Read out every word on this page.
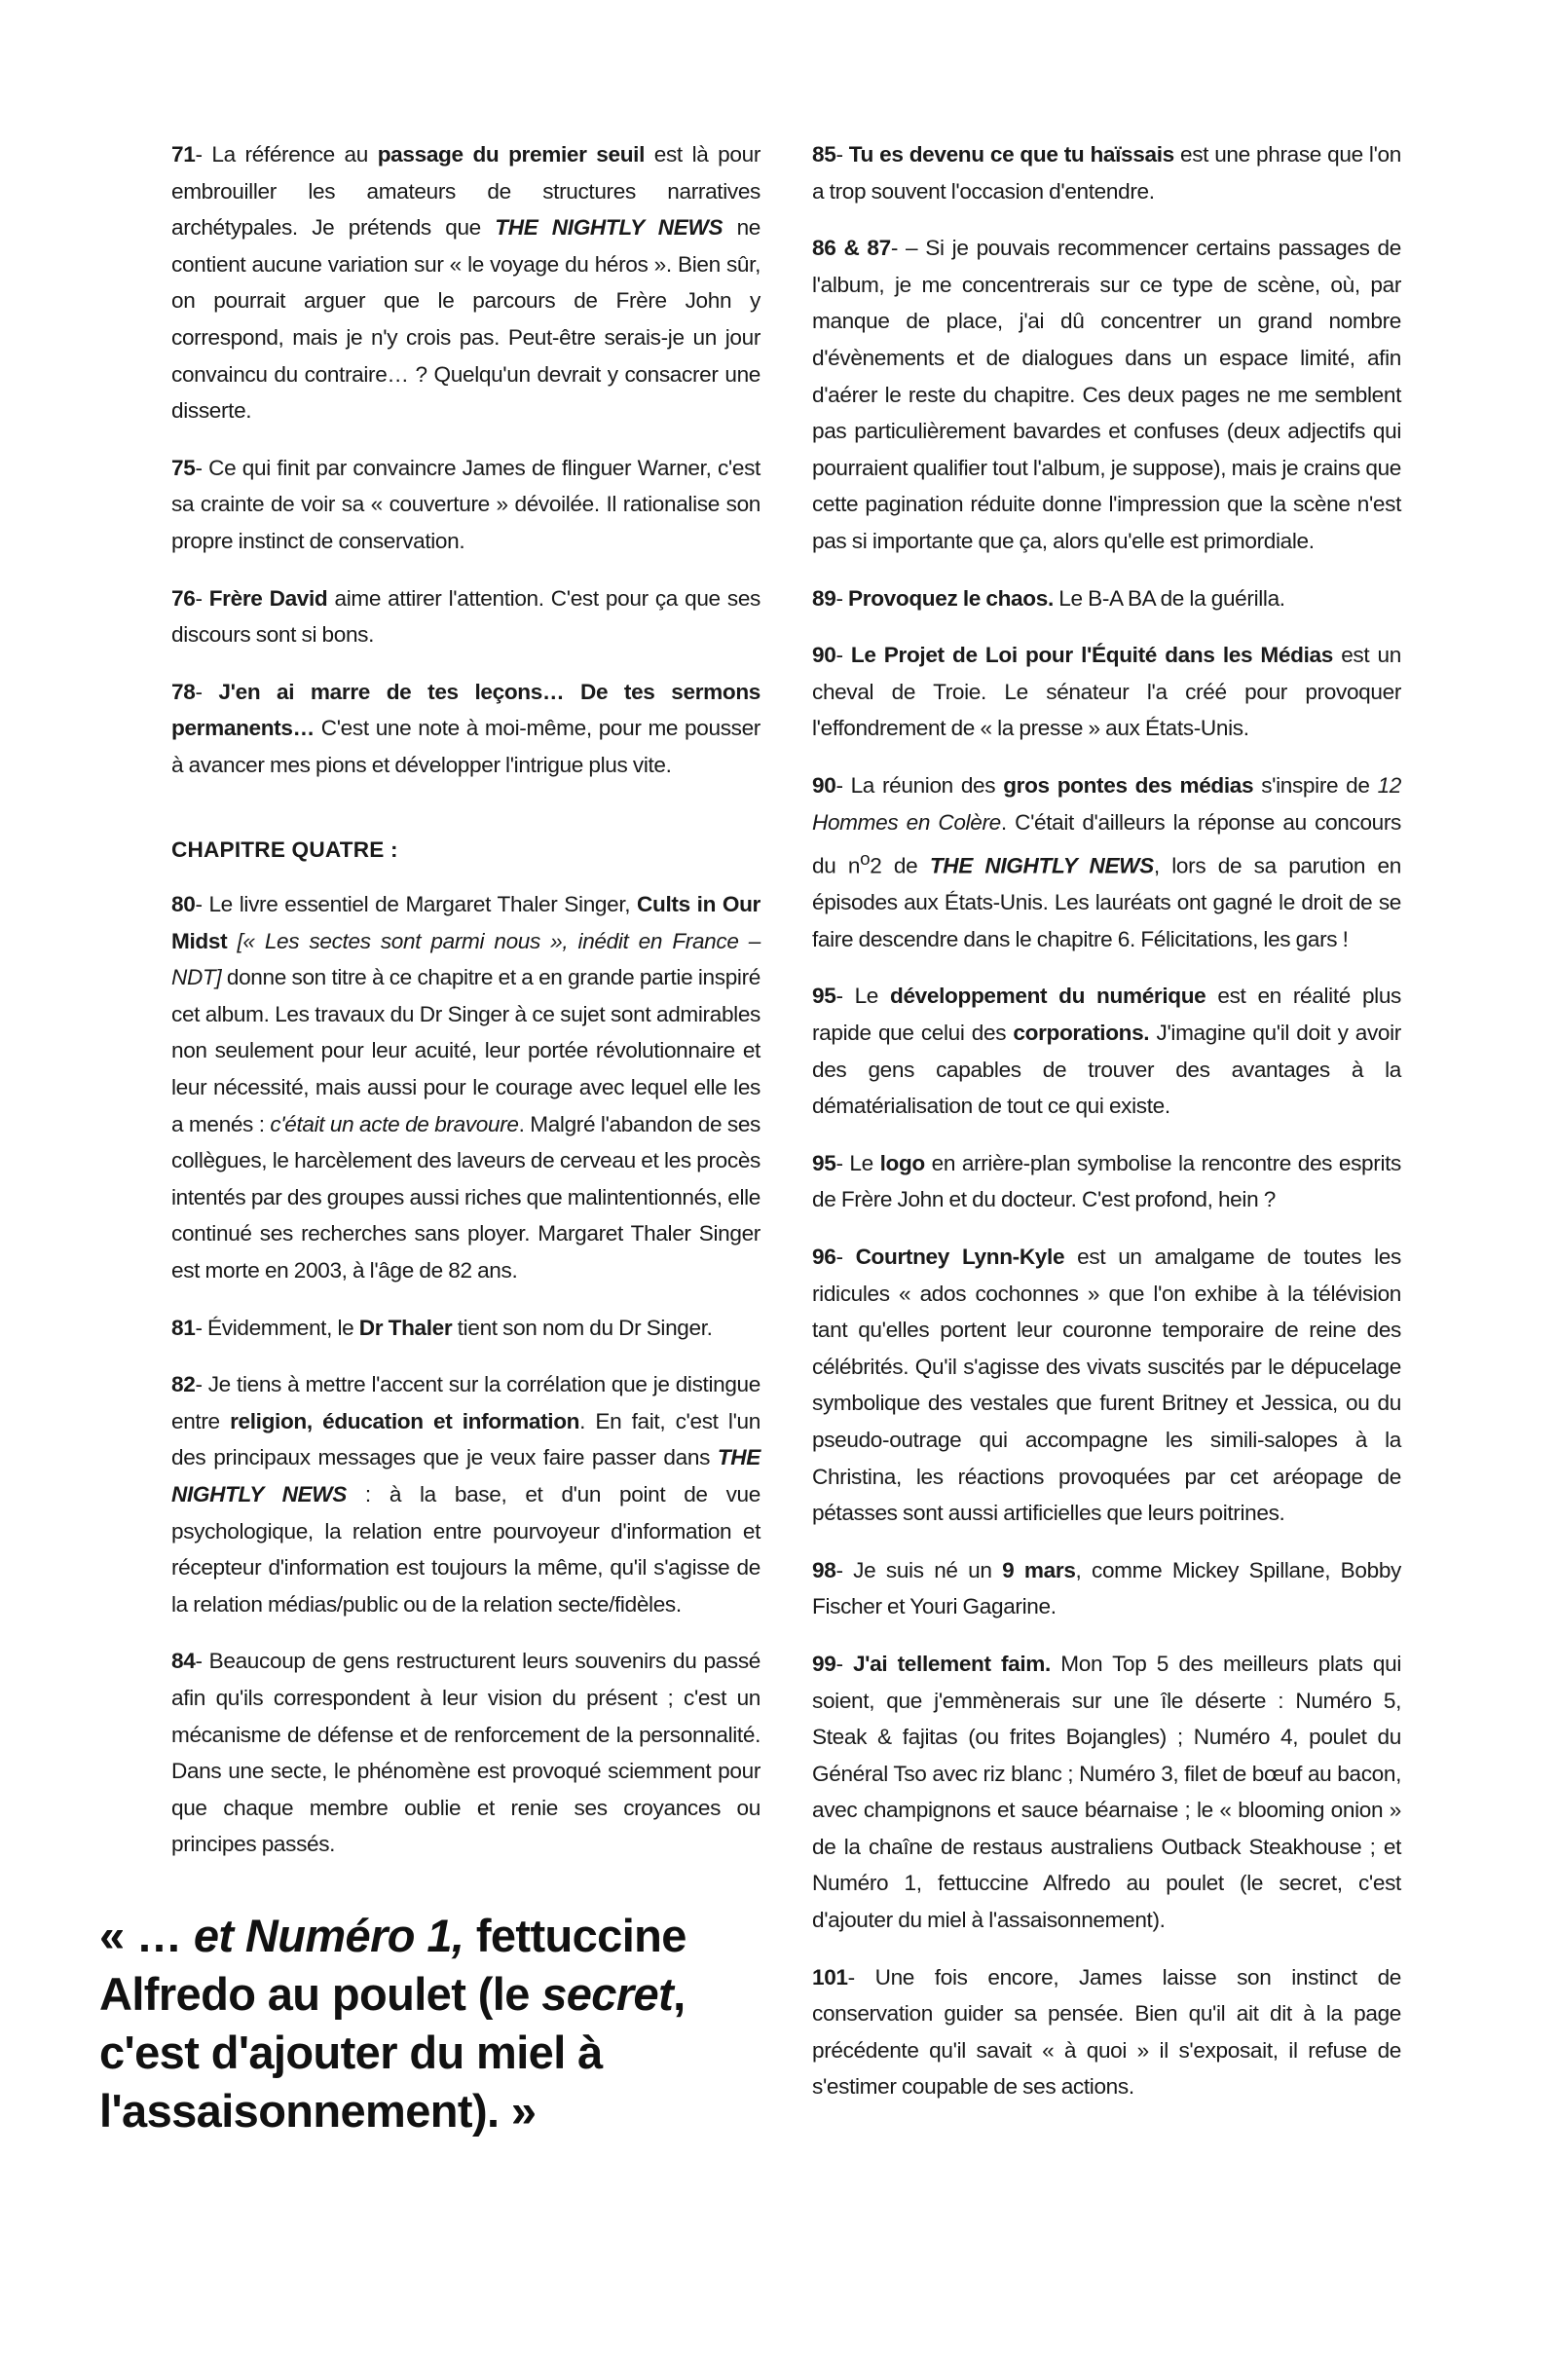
71- La référence au passage du premier seuil est là pour embrouiller les amateurs de structures narratives archétypales. Je prétends que THE NIGHTLY NEWS ne contient aucune variation sur « le voyage du héros ». Bien sûr, on pourrait arguer que le parcours de Frère John y correspond, mais je n'y crois pas. Peut-être serais-je un jour convaincu du contraire… ? Quelqu'un devrait y consacrer une disserte.

75- Ce qui finit par convaincre James de flinguer Warner, c'est sa crainte de voir sa « couverture » dévoilée. Il rationalise son propre instinct de conservation.

76- Frère David aime attirer l'attention. C'est pour ça que ses discours sont si bons.

78- J'en ai marre de tes leçons… De tes sermons permanents… C'est une note à moi-même, pour me pousser à avancer mes pions et développer l'intrigue plus vite.

CHAPITRE QUATRE :

80- Le livre essentiel de Margaret Thaler Singer, Cults in Our Midst [« Les sectes sont parmi nous », inédit en France – NDT] donne son titre à ce chapitre et a en grande partie inspiré cet album. Les travaux du Dr Singer à ce sujet sont admirables non seulement pour leur acuité, leur portée révolutionnaire et leur nécessité, mais aussi pour le courage avec lequel elle les a menés : c'était un acte de bravoure. Malgré l'abandon de ses collègues, le harcèlement des laveurs de cerveau et les procès intentés par des groupes aussi riches que malintentionnés, elle continué ses recherches sans ployer. Margaret Thaler Singer est morte en 2003, à l'âge de 82 ans.

81- Évidemment, le Dr Thaler tient son nom du Dr Singer.

82- Je tiens à mettre l'accent sur la corrélation que je distingue entre religion, éducation et information. En fait, c'est l'un des principaux messages que je veux faire passer dans THE NIGHTLY NEWS : à la base, et d'un point de vue psychologique, la relation entre pourvoyeur d'information et récepteur d'information est toujours la même, qu'il s'agisse de la relation médias/public ou de la relation secte/fidèles.

84- Beaucoup de gens restructurent leurs souvenirs du passé afin qu'ils correspondent à leur vision du présent ; c'est un mécanisme de défense et de renforcement de la personnalité. Dans une secte, le phénomène est provoqué sciemment pour que chaque membre oublie et renie ses croyances ou principes passés.

« … et Numéro 1, fettuccine Alfredo au poulet (le secret, c'est d'ajouter du miel à l'assaisonnement). »

85- Tu es devenu ce que tu haïssais est une phrase que l'on a trop souvent l'occasion d'entendre.

86 & 87- – Si je pouvais recommencer certains passages de l'album, je me concentrerais sur ce type de scène, où, par manque de place, j'ai dû concentrer un grand nombre d'évènements et de dialogues dans un espace limité, afin d'aérer le reste du chapitre. Ces deux pages ne me semblent pas particulièrement bavardes et confuses (deux adjectifs qui pourraient qualifier tout l'album, je suppose), mais je crains que cette pagination réduite donne l'impression que la scène n'est pas si importante que ça, alors qu'elle est primordiale.

89- Provoquez le chaos. Le B-A BA de la guérilla.

90- Le Projet de Loi pour l'Équité dans les Médias est un cheval de Troie. Le sénateur l'a créé pour provoquer l'effondrement de « la presse » aux États-Unis.

90- La réunion des gros pontes des médias s'inspire de 12 Hommes en Colère. C'était d'ailleurs la réponse au concours du $n^o2$ de THE NIGHTLY NEWS, lors de sa parution en épisodes aux États-Unis. Les lauréats ont gagné le droit de se faire descendre dans le chapitre 6. Félicitations, les gars !

95- Le développement du numérique est en réalité plus rapide que celui des corporations. J'imagine qu'il doit y avoir des gens capables de trouver des avantages à la dématérialisation de tout ce qui existe.

95- Le logo en arrière-plan symbolise la rencontre des esprits de Frère John et du docteur. C'est profond, hein ?

96- Courtney Lynn-Kyle est un amalgame de toutes les ridicules « ados cochonnes » que l'on exhibe à la télévision tant qu'elles portent leur couronne temporaire de reine des célébrités. Qu'il s'agisse des vivats suscités par le dépucelage symbolique des vestales que furent Britney et Jessica, ou du pseudo-outrage qui accompagne les simili-salopes à la Christina, les réactions provoquées par cet aréopage de pétasses sont aussi artificielles que leurs poitrines.

98- Je suis né un 9 mars, comme Mickey Spillane, Bobby Fischer et Youri Gagarine.

99- J'ai tellement faim. Mon Top 5 des meilleurs plats qui soient, que j'emmènerais sur une île déserte : Numéro 5, Steak & fajitas (ou frites Bojangles) ; Numéro 4, poulet du Général Tso avec riz blanc ; Numéro 3, filet de bœuf au bacon, avec champignons et sauce béarnaise ; le « blooming onion » de la chaîne de restaus australiens Outback Steakhouse ; et Numéro 1, fettuccine Alfredo au poulet (le secret, c'est d'ajouter du miel à l'assaisonnement).

101- Une fois encore, James laisse son instinct de conservation guider sa pensée. Bien qu'il ait dit à la page précédente qu'il savait « à quoi » il s'exposait, il refuse de s'estimer coupable de ses actions.
